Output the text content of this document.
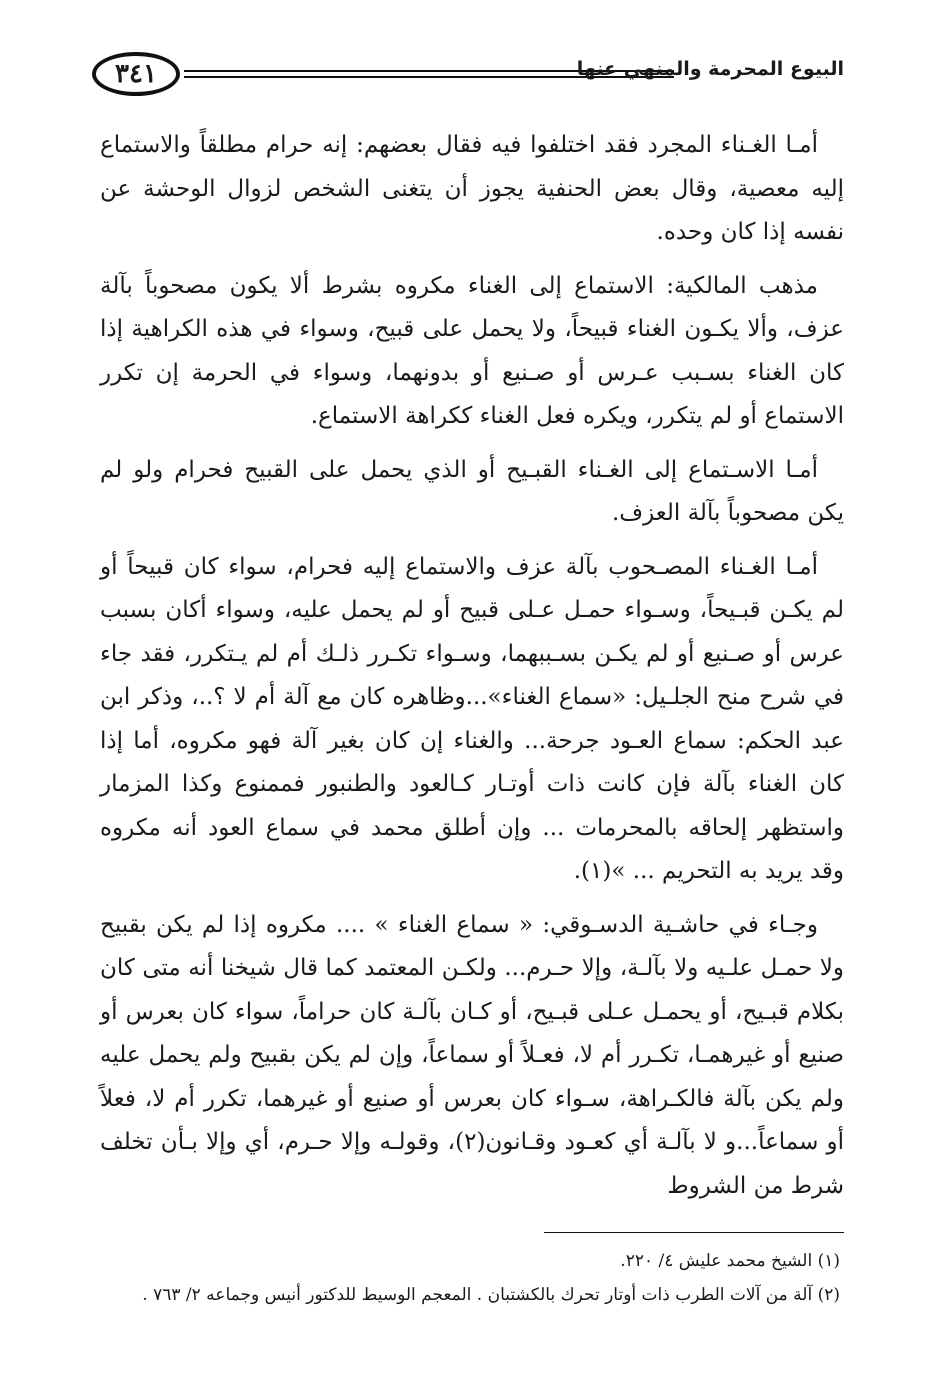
٣٤١	البيوع المحرمة والمنهي عنها

أمـا الغـناء المجرد فقد اختلفوا فيه فقال بعضهم: إنه حرام مطلقاً والاستماع إليه معصية، وقال بعض الحنفية يجوز أن يتغنى الشخص لزوال الوحشة عن نفسه إذا كان وحده.

مذهب المالكية: الاستماع إلى الغناء مكروه بشرط ألا يكون مصحوباً بآلة عزف، وألا يكـون الغناء قبيحاً، ولا يحمل على قبيح، وسواء في هذه الكراهية إذا كان الغناء بسـبب عـرس أو صـنيع أو بدونهما، وسواء في الحرمة إن تكرر الاستماع أو لم يتكرر، ويكره فعل الغناء ككراهة الاستماع.

أمـا الاسـتماع إلى الغـناء القبـيح أو الذي يحمل على القبيح فحرام ولو لم يكن مصحوباً بآلة العزف.

أمـا الغـناء المصـحوب بآلة عزف والاستماع إليه فحرام، سواء كان قبيحاً أو لم يكـن قبـيحاً، وسـواء حمـل عـلى قبيح أو لم يحمل عليه، وسواء أكان بسبب عرس أو صـنيع أو لم يكـن بسـببهما، وسـواء تكـرر ذلـك أم لم يـتكرر، فقد جاء في شرح منح الجلـيل: «سماع الغناء»...وظاهره كان مع آلة أم لا ؟..، وذكر ابن عبد الحكم: سماع العـود جرحة... والغناء إن كان بغير آلة فهو مكروه، أما إذا كان الغناء بآلة فإن كانت ذات أوتـار كـالعود والطنبور فممنوع وكذا المزمار واستظهر إلحاقه بالمحرمات ... وإن أطلق محمد في سماع العود أنه مكروه وقد يريد به التحريم ... »(١).

وجـاء في حاشـية الدسـوقي: « سماع الغناء » .... مكروه إذا لم يكن بقبيح ولا حمـل علـيه ولا بآلـة، وإلا حـرم... ولكـن المعتمد كما قال شيخنا أنه متى كان بكلام قبـيح، أو يحمـل عـلى قبـيح، أو كـان بآلـة كان حراماً، سواء كان بعرس أو صنيع أو غيرهمـا، تكـرر أم لا، فعـلاً أو سماعاً، وإن لم يكن بقبيح ولم يحمل عليه ولم يكن بآلة فالكـراهة، سـواء كان بعرس أو صنيع أو غيرهما، تكرر أم لا، فعلاً أو سماعاً...و لا بآلـة أي كعـود وقـانون(٢)، وقولـه وإلا حـرم، أي وإلا بـأن تخلف شرط من الشروط

(١) الشيخ محمد عليش ٤/ ٢٢٠.

(٢) آلة من آلات الطرب ذات أوتار تحرك بالكشتبان . المعجم الوسيط للدكتور أنيس وجماعه ٢/ ٧٦٣ .
